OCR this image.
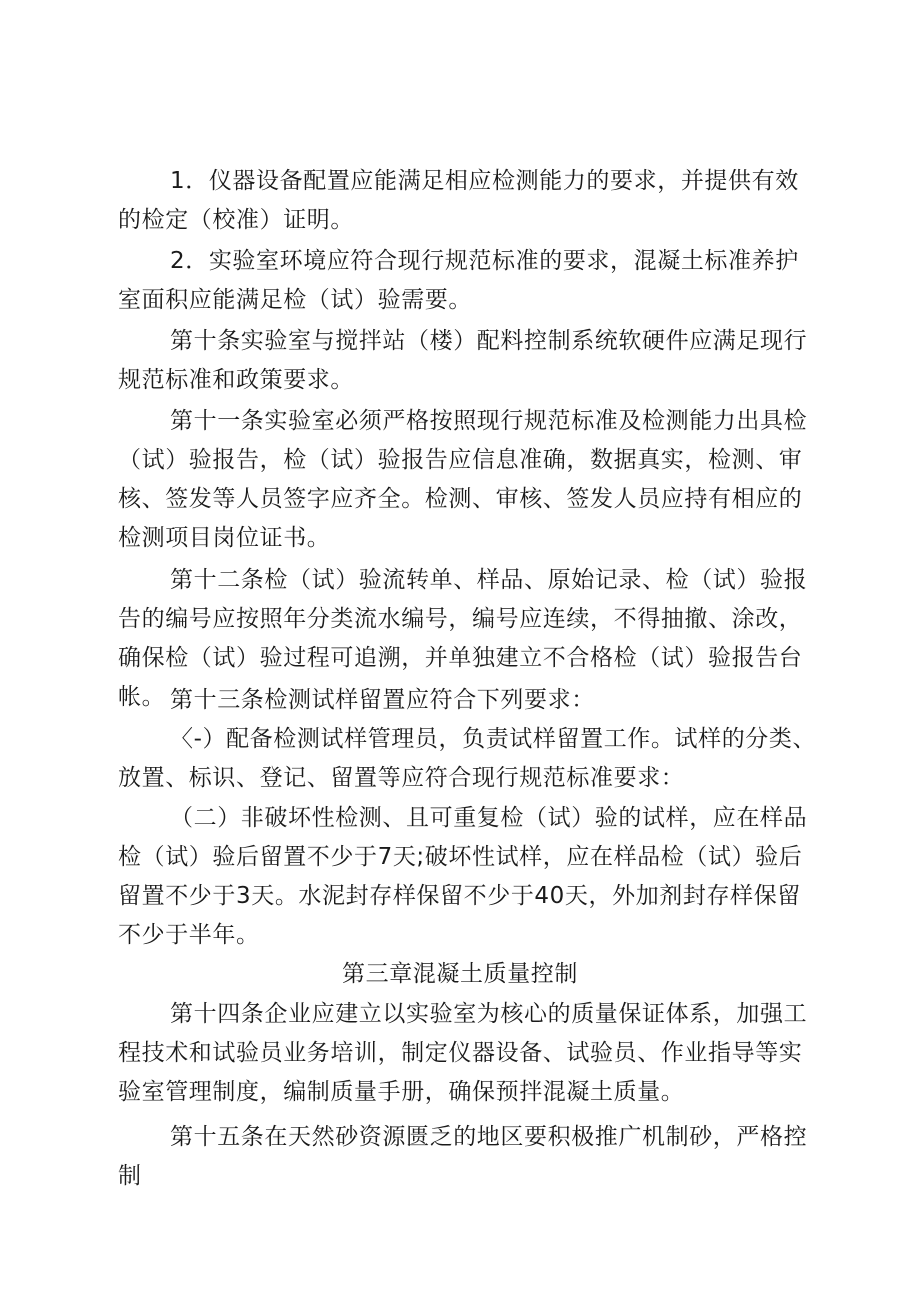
1．仪器设备配置应能满足相应检测能力的要求，并提供有效的检定（校准）证明。

2．实验室环境应符合现行规范标准的要求，混凝土标准养护室面积应能满足检（试）验需要。

第十条实验室与搅拌站（楼）配料控制系统软硬件应满足现行规范标准和政策要求。

第十一条实验室必须严格按照现行规范标准及检测能力出具检（试）验报告，检（试）验报告应信息准确，数据真实，检测、审核、签发等人员签字应齐全。检测、审核、签发人员应持有相应的检测项目岗位证书。

第十二条检（试）验流转单、样品、原始记录、检（试）验报告的编号应按照年分类流水编号，编号应连续，不得抽撤、涂改，确保检（试）验过程可追溯，并单独建立不合格检（试）验报告台帐。 第十三条检测试样留置应符合下列要求：

〈-）配备检测试样管理员，负责试样留置工作。试样的分类、放置、标识、登记、留置等应符合现行规范标准要求：

（二）非破坏性检测、且可重复检（试）验的试样，应在样品检（试）验后留置不少于7天;破坏性试样，应在样品检（试）验后留置不少于3天。水泥封存样保留不少于40天，外加剂封存样保留不少于半年。

第三章混凝土质量控制

第十四条企业应建立以实验室为核心的质量保证体系，加强工程技术和试验员业务培训，制定仪器设备、试验员、作业指导等实验室管理制度，编制质量手册，确保预拌混凝土质量。

第十五条在天然砂资源匮乏的地区要积极推广机制砂，严格控制
